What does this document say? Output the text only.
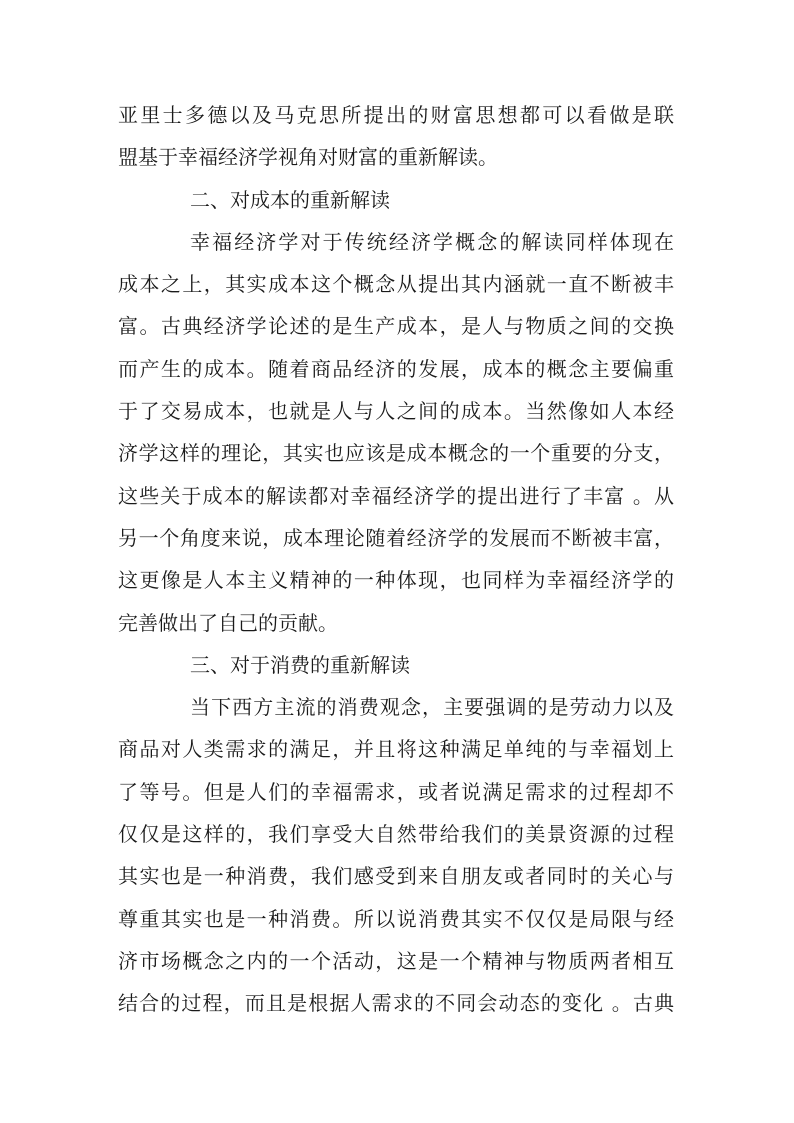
亚里士多德以及马克思所提出的财富思想都可以看做是联
盟基于幸福经济学视角对财富的重新解读。
二、对成本的重新解读
幸福经济学对于传统经济学概念的解读同样体现在
成本之上，其实成本这个概念从提出其内涵就一直不断被丰
富。古典经济学论述的是生产成本，是人与物质之间的交换
而产生的成本。随着商品经济的发展，成本的概念主要偏重
于了交易成本，也就是人与人之间的成本。当然像如人本经
济学这样的理论，其实也应该是成本概念的一个重要的分支，
这些关于成本的解读都对幸福经济学的提出进行了丰富 。从
另一个角度来说，成本理论随着经济学的发展而不断被丰富，
这更像是人本主义精神的一种体现，也同样为幸福经济学的
完善做出了自己的贡献。
三、对于消费的重新解读
当下西方主流的消费观念，主要强调的是劳动力以及
商品对人类需求的满足，并且将这种满足单纯的与幸福划上
了等号。但是人们的幸福需求，或者说满足需求的过程却不
仅仅是这样的，我们享受大自然带给我们的美景资源的过程
其实也是一种消费，我们感受到来自朋友或者同时的关心与
尊重其实也是一种消费。所以说消费其实不仅仅是局限与经
济市场概念之内的一个活动，这是一个精神与物质两者相互
结合的过程，而且是根据人需求的不同会动态的变化 。古典
